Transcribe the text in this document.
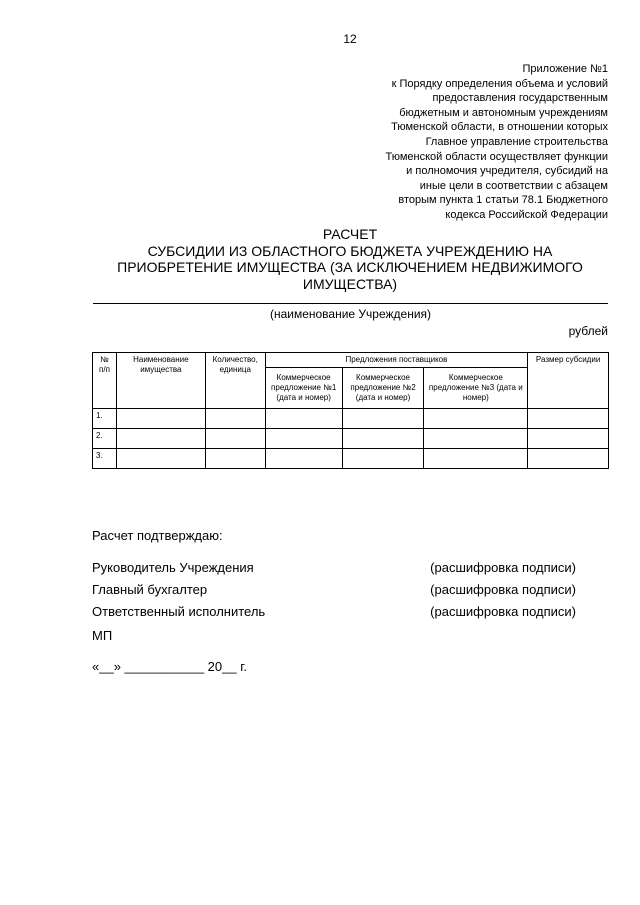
12
Приложение №1
к Порядку определения объема и условий
предоставления государственным
бюджетным и автономным учреждениям
Тюменской области, в отношении которых
Главное управление строительства
Тюменской области осуществляет функции
и полномочия учредителя, субсидий на
иные цели в соответствии с абзацем
вторым пункта 1 статьи 78.1 Бюджетного
кодекса Российской Федерации
РАСЧЕТ
СУБСИДИИ ИЗ ОБЛАСТНОГО БЮДЖЕТА УЧРЕЖДЕНИЮ НА
ПРИОБРЕТЕНИЕ ИМУЩЕСТВА (ЗА ИСКЛЮЧЕНИЕМ НЕДВИЖИМОГО
ИМУЩЕСТВА)
(наименование Учреждения)
рублей
№ п/п	Наименование имущества	Количество, единица	Предложения поставщиков			Размер субсидии
			Коммерческое предложение №1 (дата и номер)	Коммерческое предложение №2 (дата и номер)	Коммерческое предложение №3 (дата и номер)	
1.						
2.						
3.						
Расчет подтверждаю:
Руководитель Учреждения	(расшифровка подписи)
Главный бухгалтер	(расшифровка подписи)
Ответственный исполнитель	(расшифровка подписи)
МП
«__» ___________ 20__ г.
